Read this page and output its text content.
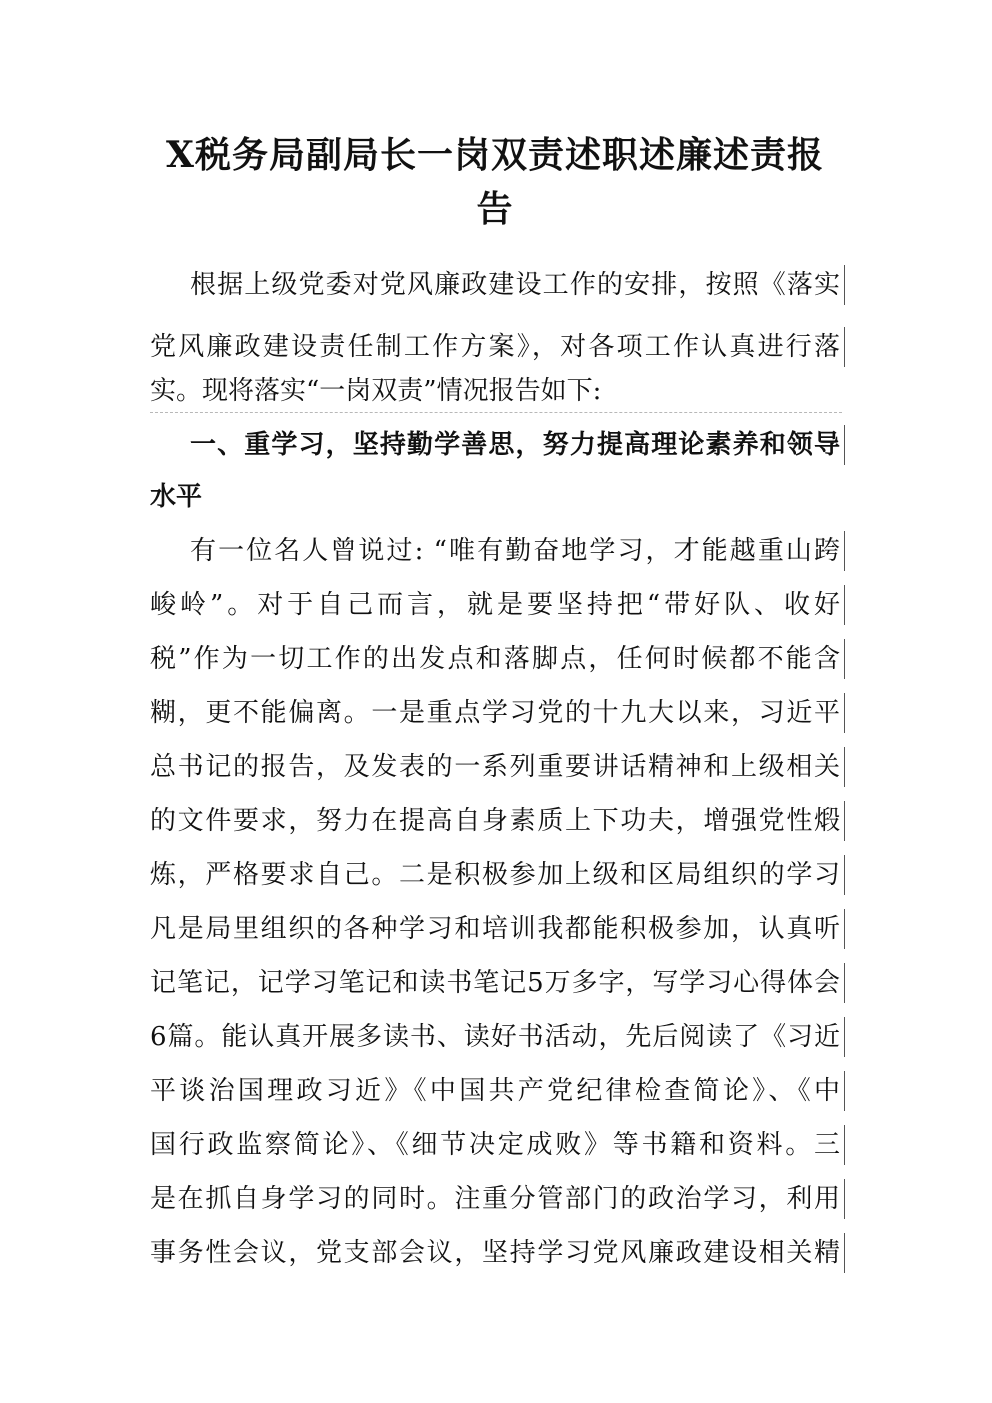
X税务局副局长一岗双责述职述廉述责报
告
根据上级党委对党风廉政建设工作的安排，按照《落实
党风廉政建设责任制工作方案》，对各项工作认真进行落
实。现将落实“一岗双责”情况报告如下:
一、重学习，坚持勤学善思，努力提高理论素养和领导
水平
有一位名人曾说过: “唯有勤奋地学习，才能越重山跨
峻岭”。对于自己而言，就是要坚持把“带好队、收好
税”作为一切工作的出发点和落脚点，任何时候都不能含
糊，更不能偏离。一是重点学习党的十九大以来，习近平
总书记的报告，及发表的一系列重要讲话精神和上级相关
的文件要求，努力在提高自身素质上下功夫，增强党性煅
炼，严格要求自己。二是积极参加上级和区局组织的学习
凡是局里组织的各种学习和培训我都能积极参加，认真听
记笔记，记学习笔记和读书笔记5万多字，写学习心得体会
6篇。能认真开展多读书、读好书活动，先后阅读了《习近
平谈治国理政习近》《中国共产党纪律检查简论》、《中
国行政监察简论》、《细节决定成败》等书籍和资料。三
是在抓自身学习的同时。注重分管部门的政治学习，利用
事务性会议，党支部会议，坚持学习党风廉政建设相关精
